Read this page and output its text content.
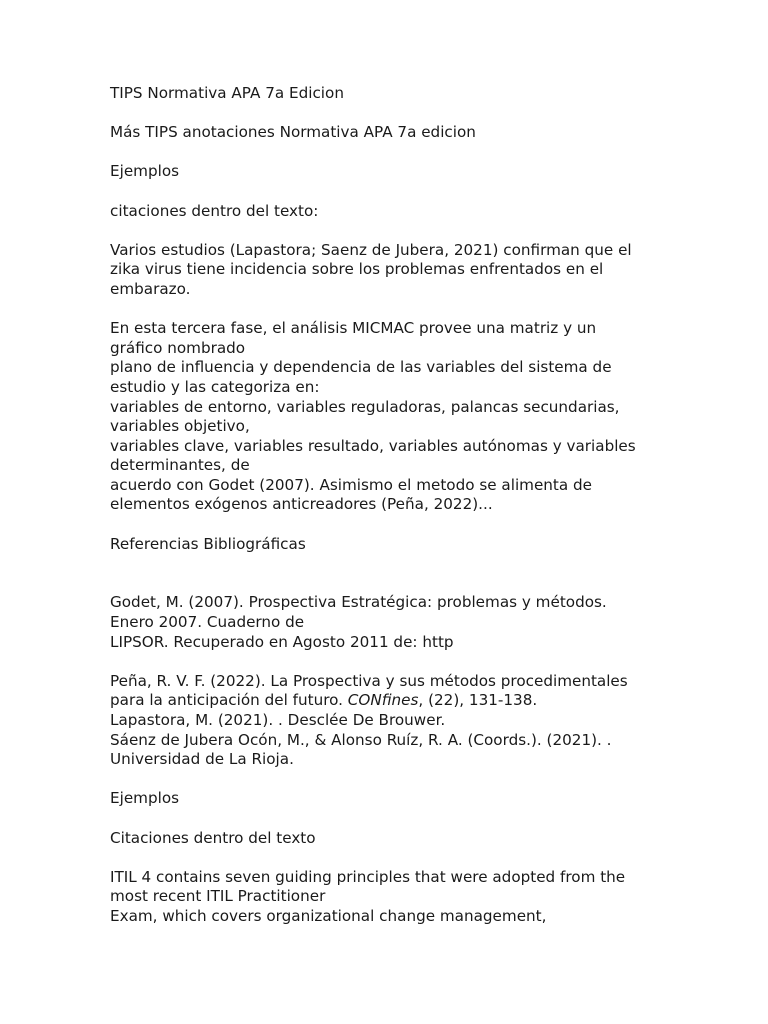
TIPS Normativa APA 7a Edicion
Más TIPS anotaciones Normativa APA 7a edicion
Ejemplos
citaciones dentro del texto:
Varios estudios (Lapastora; Saenz de Jubera, 2021) confirman que el
zika virus tiene incidencia sobre los problemas enfrentados en el
embarazo.
En esta tercera fase, el análisis MICMAC provee una matriz y un
gráfico nombrado
plano de influencia y dependencia de las variables del sistema de
estudio y las categoriza en:
variables de entorno, variables reguladoras, palancas secundarias,
variables objetivo,
variables clave, variables resultado, variables autónomas y variables
determinantes, de
acuerdo con Godet (2007). Asimismo el metodo se alimenta de
elementos exógenos anticreadores (Peña, 2022)...
Referencias Bibliográficas
Godet, M. (2007). Prospectiva Estratégica: problemas y métodos.
Enero 2007. Cuaderno de
LIPSOR. Recuperado en Agosto 2011 de: http
Peña, R. V. F. (2022). La Prospectiva y sus métodos procedimentales
para la anticipación del futuro. CONfines, (22), 131-138.
Lapastora, M. (2021). . Desclée De Brouwer.
Sáenz de Jubera Ocón, M., & Alonso Ruíz, R. A. (Coords.). (2021). .
Universidad de La Rioja.
Ejemplos
Citaciones dentro del texto
ITIL 4 contains seven guiding principles that were adopted from the
most recent ITIL Practitioner
Exam, which covers organizational change management,
